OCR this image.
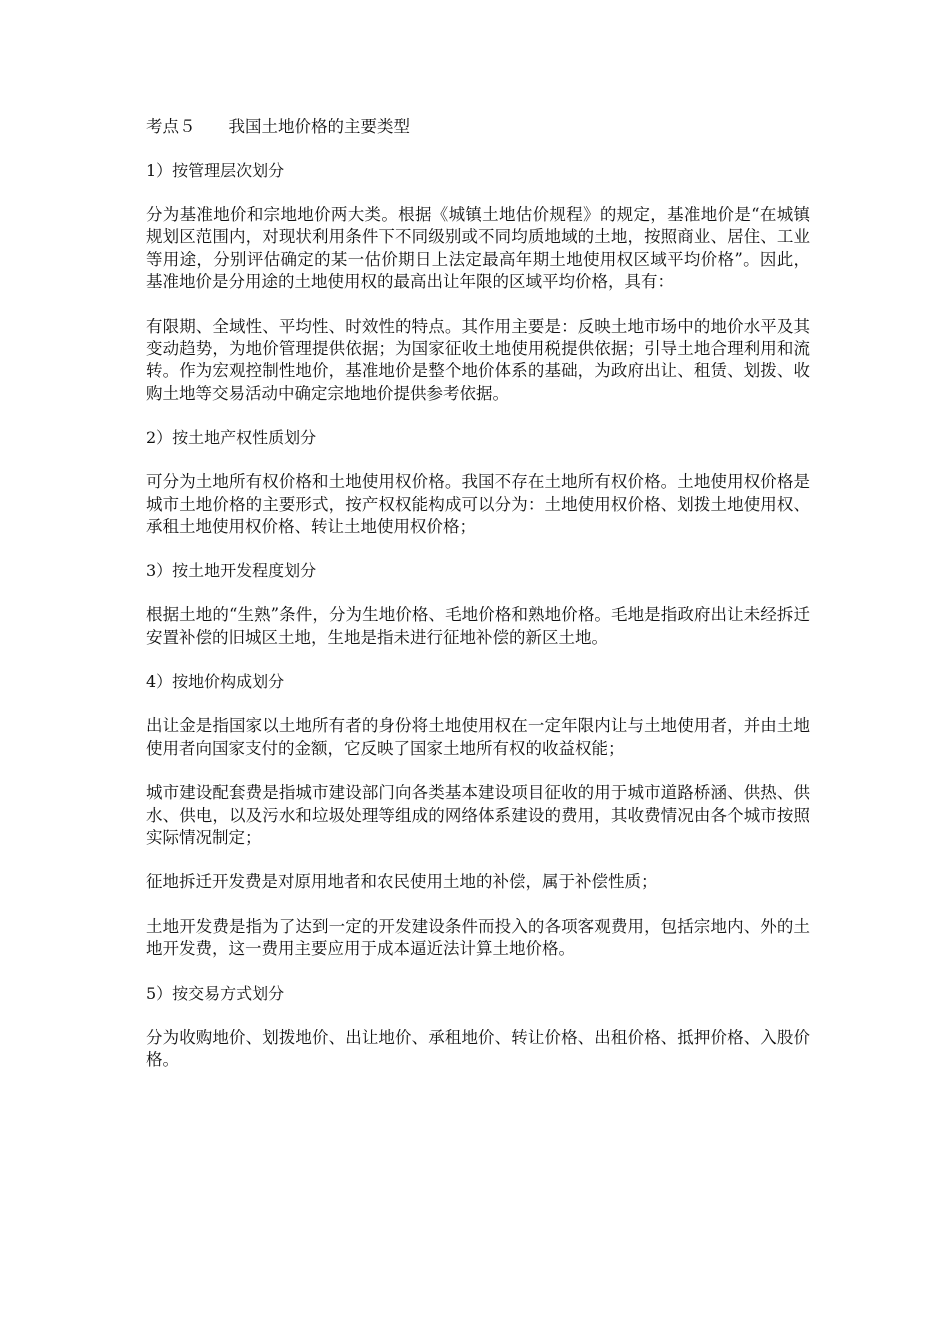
考点５　　我国土地价格的主要类型
1）按管理层次划分
分为基准地价和宗地地价两大类。根据《城镇土地估价规程》的规定，基准地价是“在城镇规划区范围内，对现状利用条件下不同级别或不同均质地域的土地，按照商业、居住、工业等用途，分别评估确定的某一估价期日上法定最高年期土地使用权区域平均价格”。因此，基准地价是分用途的土地使用权的最高出让年限的区域平均价格，具有：
有限期、全域性、平均性、时效性的特点。其作用主要是：反映土地市场中的地价水平及其变动趋势，为地价管理提供依据；为国家征收土地使用税提供依据；引导土地合理利用和流转。作为宏观控制性地价，基准地价是整个地价体系的基础，为政府出让、租赁、划拨、收购土地等交易活动中确定宗地地价提供参考依据。
2）按土地产权性质划分
可分为土地所有权价格和土地使用权价格。我国不存在土地所有权价格。土地使用权价格是城市土地价格的主要形式，按产权权能构成可以分为：土地使用权价格、划拨土地使用权、承租土地使用权价格、转让土地使用权价格；
3）按土地开发程度划分
根据土地的“生熟”条件，分为生地价格、毛地价格和熟地价格。毛地是指政府出让未经拆迁安置补偿的旧城区土地，生地是指未进行征地补偿的新区土地。
4）按地价构成划分
出让金是指国家以土地所有者的身份将土地使用权在一定年限内让与土地使用者，并由土地使用者向国家支付的金额，它反映了国家土地所有权的收益权能；
城市建设配套费是指城市建设部门向各类基本建设项目征收的用于城市道路桥涵、供热、供水、供电，以及污水和垃圾处理等组成的网络体系建设的费用，其收费情况由各个城市按照实际情况制定；
征地拆迁开发费是对原用地者和农民使用土地的补偿，属于补偿性质；
土地开发费是指为了达到一定的开发建设条件而投入的各项客观费用，包括宗地内、外的土地开发费，这一费用主要应用于成本逼近法计算土地价格。
5）按交易方式划分
分为收购地价、划拨地价、出让地价、承租地价、转让价格、出租价格、抵押价格、入股价格。
